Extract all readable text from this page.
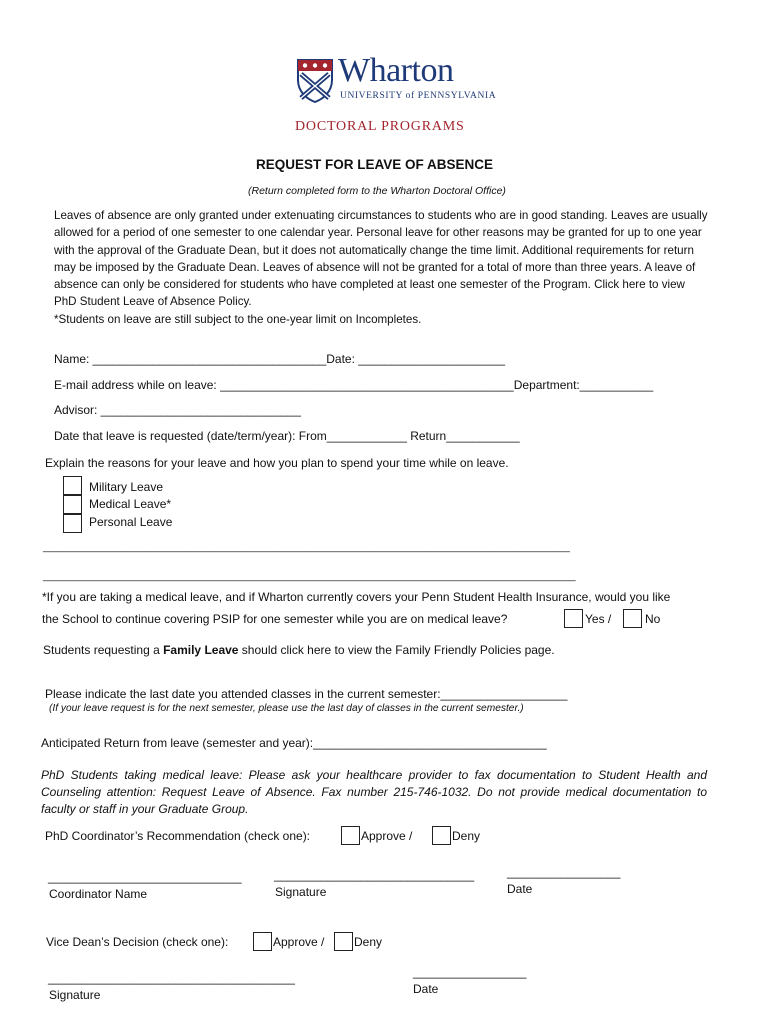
Wharton
UNIVERSITY of PENNSYLVANIA
DOCTORAL PROGRAMS
REQUEST FOR LEAVE OF ABSENCE
(Return completed form to the Wharton Doctoral Office)
Leaves of absence are only granted under extenuating circumstances to students who are in good standing. Leaves are usually allowed for a period of one semester to one calendar year. Personal leave for other reasons may be granted for up to one year with the approval of the Graduate Dean, but it does not automatically change the time limit. Additional requirements for return may be imposed by the Graduate Dean. Leaves of absence will not be granted for a total of more than three years. A leave of absence can only be considered for students who have completed at least one semester of the Program. Click here to view PhD Student Leave of Absence Policy.
*Students on leave are still subject to the one-year limit on Incompletes.
Name: ___________________________________Date: ______________________
E-mail address while on leave: ____________________________________________Department:___________
Advisor: ______________________________
Date that leave is requested (date/term/year): From____________ Return___________
Explain the reasons for your leave and how you plan to spend your time while on leave.
Military Leave
Medical Leave*
Personal Leave
____________________________________________________________________________________________
_____________________________________________________________________________________________
*If you are taking a medical leave, and if Wharton currently covers your Penn Student Health Insurance, would you like
the School to continue covering PSIP for one semester while you are on medical leave?	Yes /	No
Students requesting a Family Leave should click here to view the Family Friendly Policies page.
Please indicate the last date you attended classes in the current semester:___________________
(If your leave request is for the next semester, please use the last day of classes in the current semester.)
Anticipated Return from leave (semester and year):___________________________________
PhD Students taking medical leave: Please ask your healthcare provider to fax documentation to Student Health and Counseling attention: Request Leave of Absence. Fax number 215-746-1032. Do not provide medical documentation to faculty or staff in your Graduate Group.
PhD Coordinator’s Recommendation (check one):	Approve /	Deny
_____________________________
Coordinator Name
______________________________
Signature
_________________
Date
Vice Dean’s Decision (check one):	Approve / Deny
_____________________________________
Signature
_________________
Date
